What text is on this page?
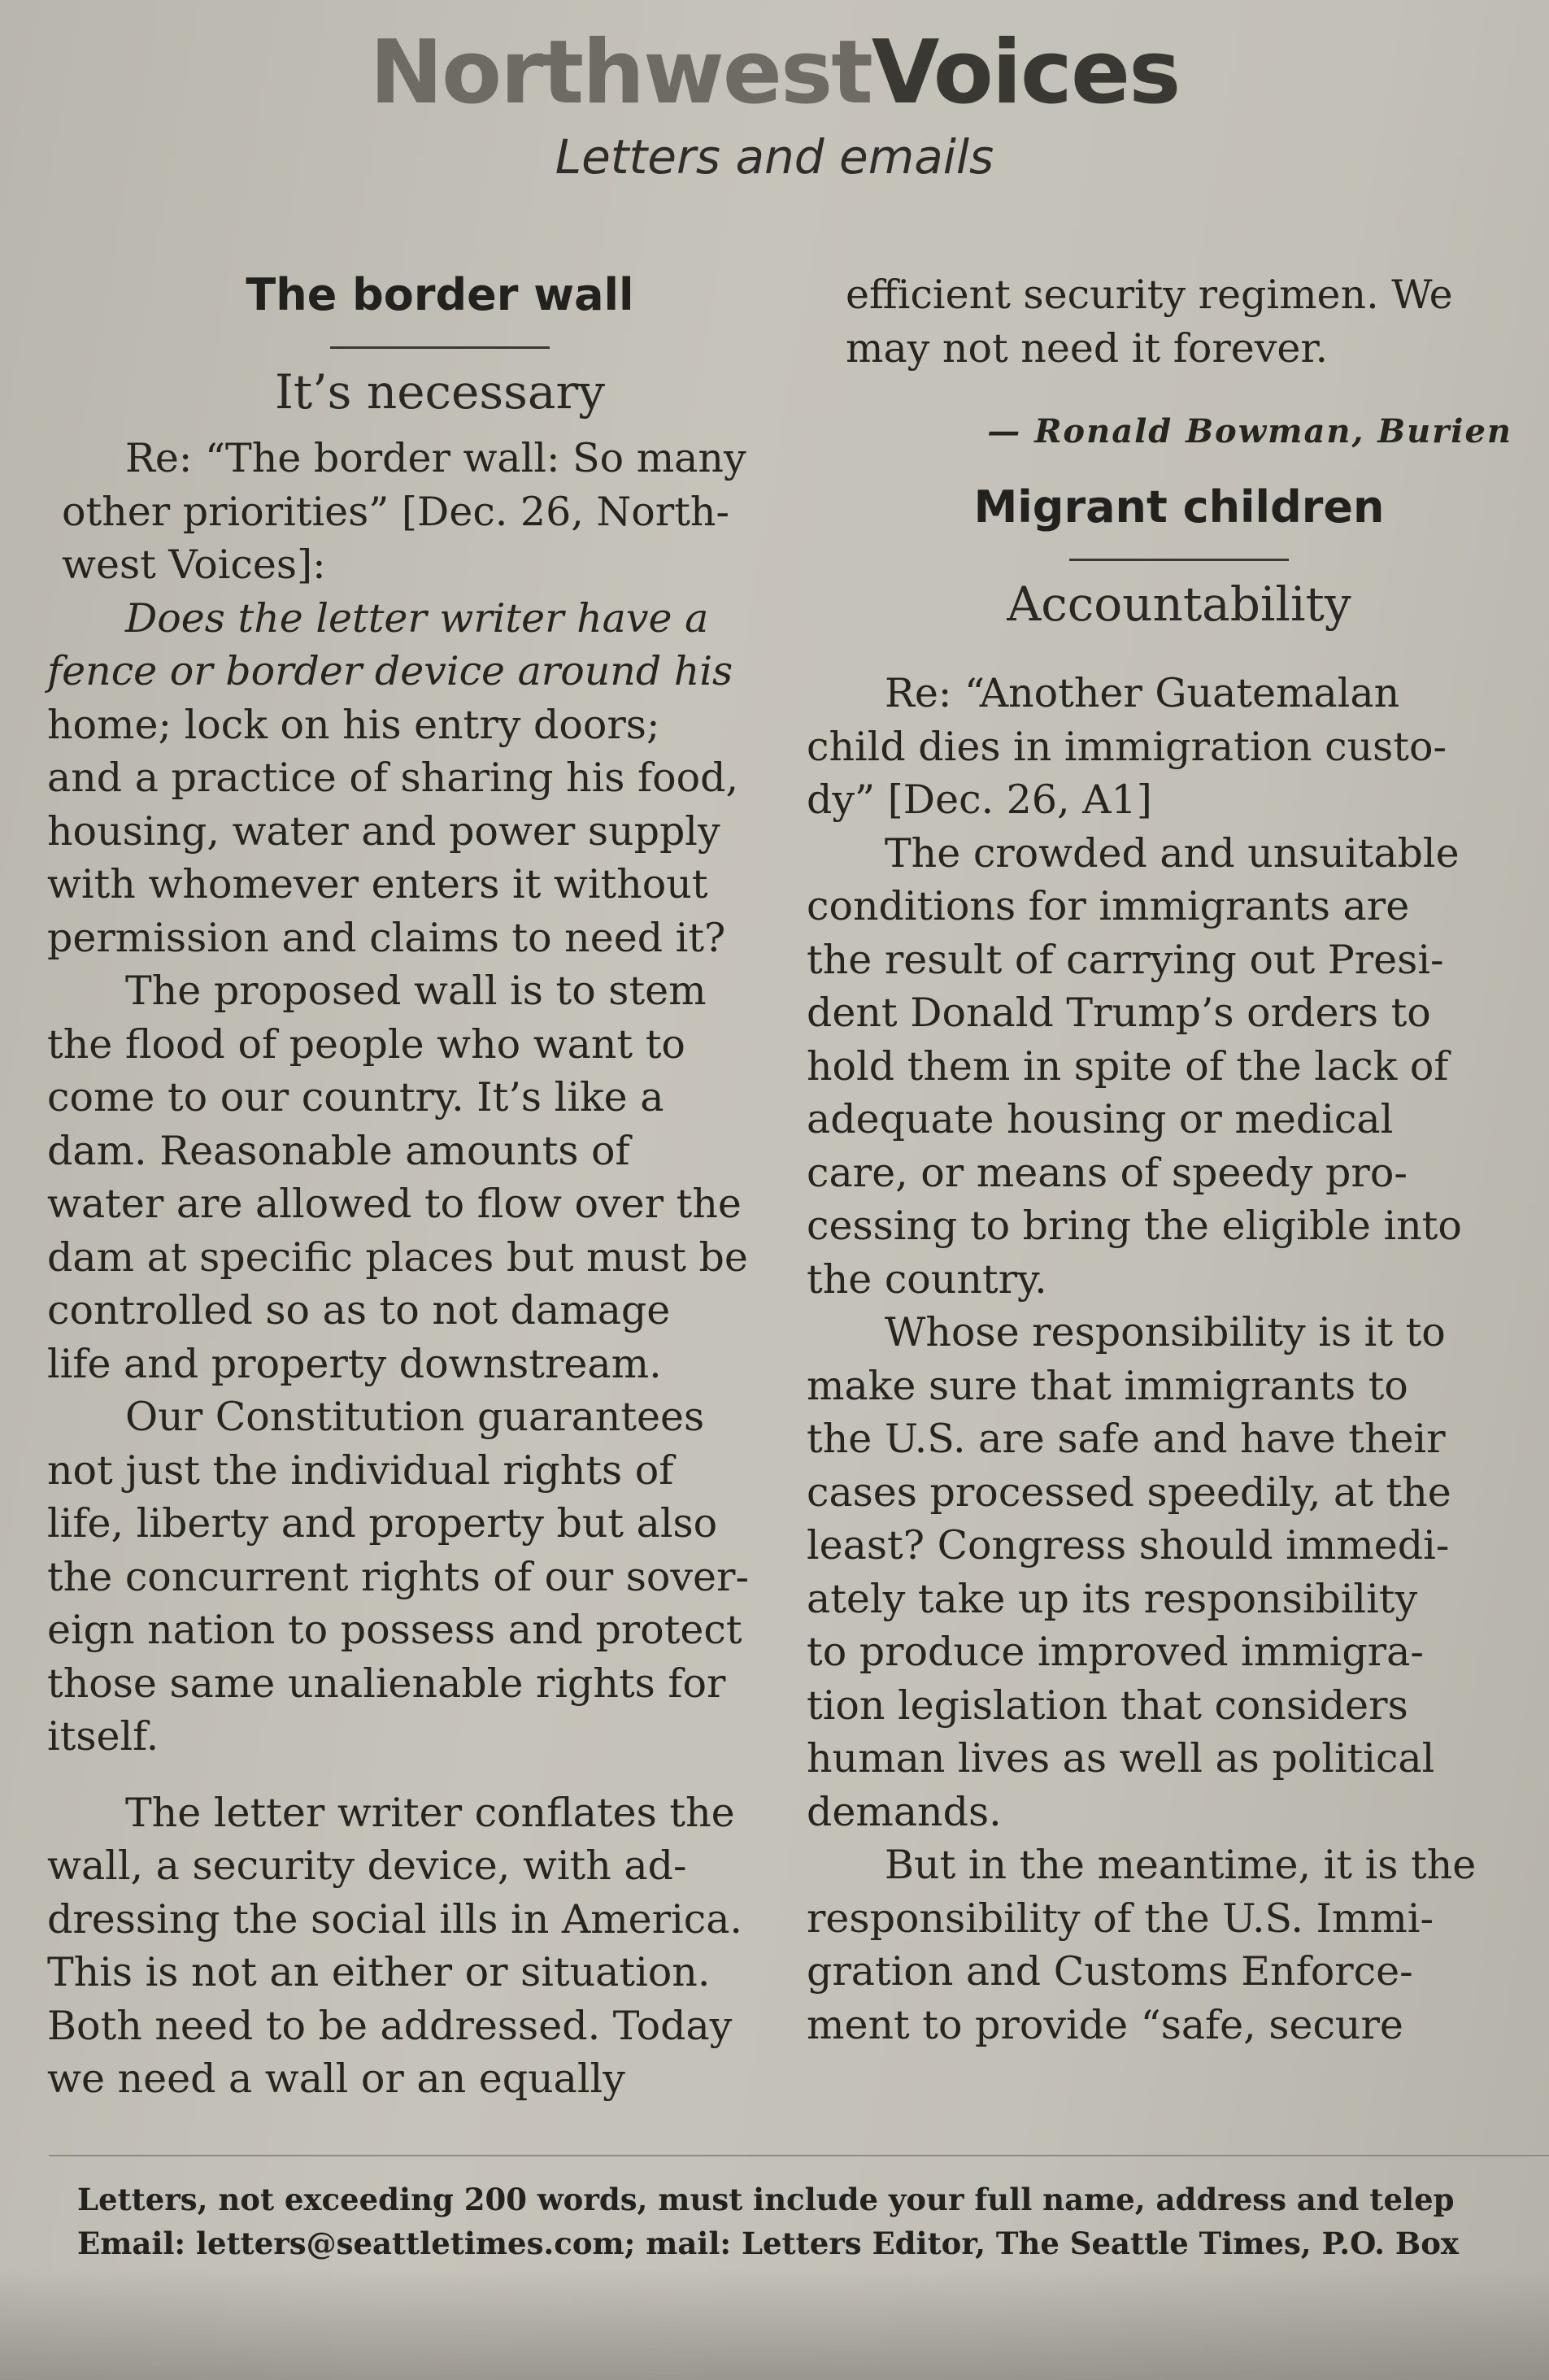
NorthwestVoices
Letters and emails
The border wall
It’s necessary

Re: “The border wall: So many
other priorities” [Dec. 26, North-
west Voices]:

Does the letter writer have a
fence or border device around his
home; lock on his entry doors;
and a practice of sharing his food,
housing, water and power supply
with whomever enters it without
permission and claims to need it?

The proposed wall is to stem
the flood of people who want to
come to our country. It’s like a
dam. Reasonable amounts of
water are allowed to flow over the
dam at specific places but must be
controlled so as to not damage
life and property downstream.

Our Constitution guarantees
not just the individual rights of
life, liberty and property but also
the concurrent rights of our sover-
eign nation to possess and protect
those same unalienable rights for
itself.

The letter writer conflates the
wall, a security device, with ad-
dressing the social ills in America.
This is not an either or situation.
Both need to be addressed. Today
we need a wall or an equally

efficient security regimen. We
may not need it forever.

— Ronald Bowman, Burien
Migrant children
Accountability

Re: “Another Guatemalan
child dies in immigration custo-
dy” [Dec. 26, A1]

The crowded and unsuitable
conditions for immigrants are
the result of carrying out Presi-
dent Donald Trump’s orders to
hold them in spite of the lack of
adequate housing or medical
care, or means of speedy pro-
cessing to bring the eligible into
the country.

Whose responsibility is it to
make sure that immigrants to
the U.S. are safe and have their
cases processed speedily, at the
least? Congress should immedi-
ately take up its responsibility
to produce improved immigra-
tion legislation that considers
human lives as well as political
demands.

But in the meantime, it is the
responsibility of the U.S. Immi-
gration and Customs Enforce-
ment to provide “safe, secure

Letters, not exceeding 200 words, must include your full name, address and telep
Email: letters@seattletimes.com; mail: Letters Editor, The Seattle Times, P.O. Box
